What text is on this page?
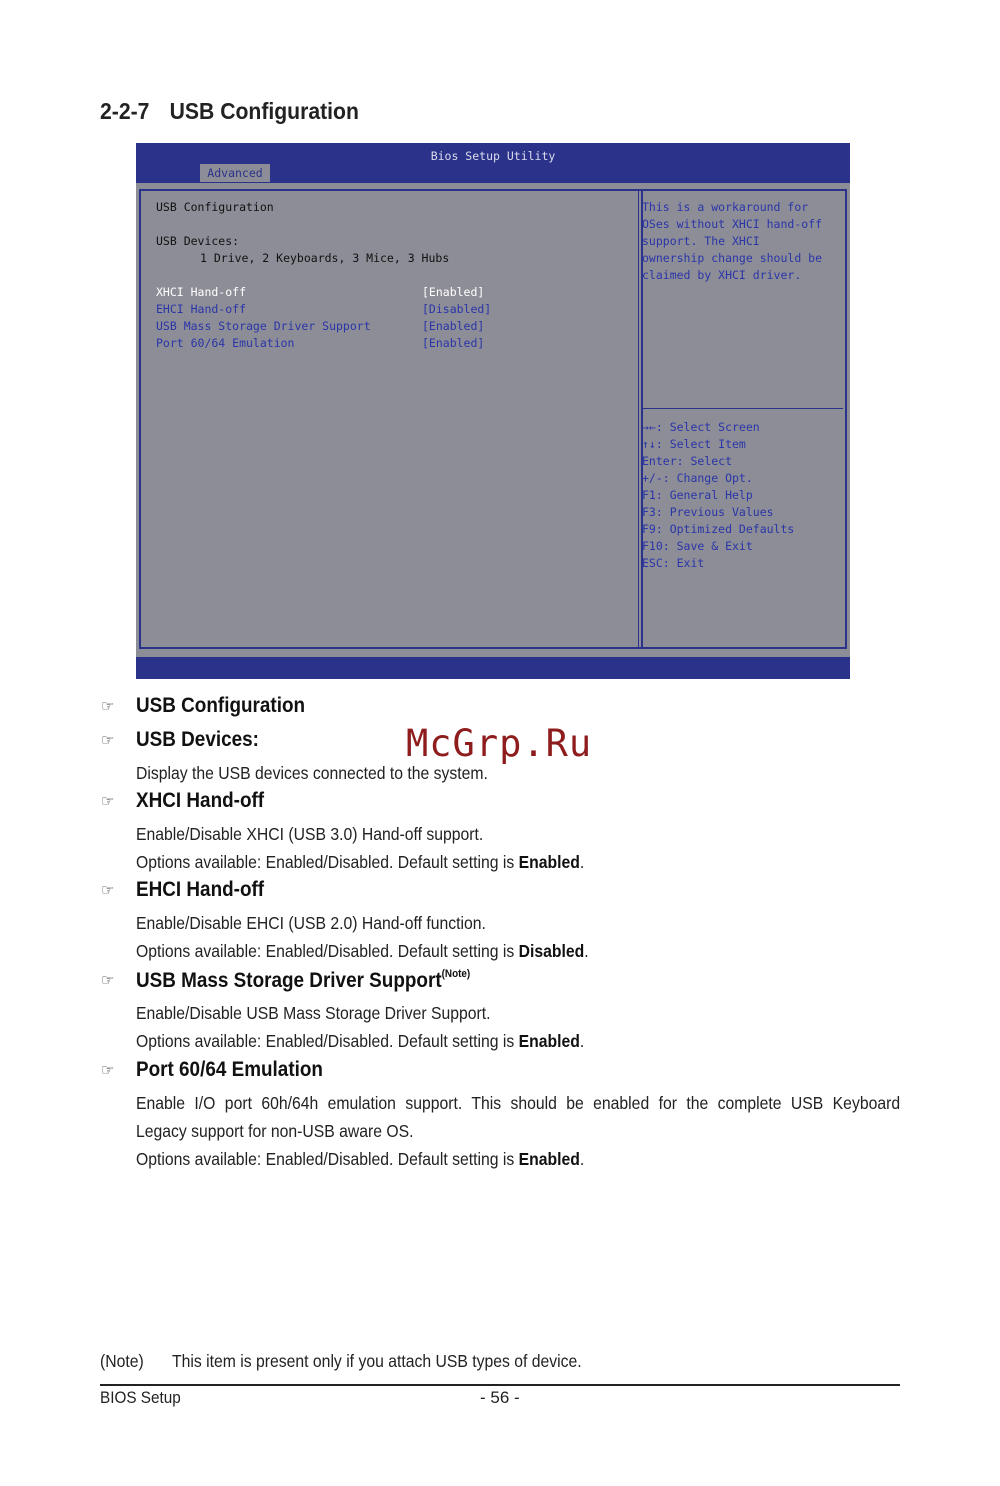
2-2-7 USB Configuration
Bios Setup Utility
Advanced
USB Configuration
USB Devices:
1 Drive, 2 Keyboards, 3 Mice, 3 Hubs
XHCI Hand-off	[Enabled]
EHCI Hand-off	[Disabled]
USB Mass Storage Driver Support	[Enabled]
Port 60/64 Emulation	[Enabled]
This is a workaround for
OSes without XHCI hand-off
support. The XHCI
ownership change should be
claimed by XHCI driver.
→←: Select Screen
↑↓: Select Item
Enter: Select
+/-: Change Opt.
F1: General Help
F3: Previous Values
F9: Optimized Defaults
F10: Save & Exit
ESC: Exit
☞ USB Configuration
☞ USB Devices:
Display the USB devices connected to the system.
McGrp.Ru
☞ XHCI Hand-off
Enable/Disable XHCI (USB 3.0) Hand-off support.
Options available: Enabled/Disabled. Default setting is Enabled.
☞ EHCI Hand-off
Enable/Disable EHCI (USB 2.0) Hand-off function.
Options available: Enabled/Disabled. Default setting is Disabled.
☞ USB Mass Storage Driver Support$^{(Note)}$
Enable/Disable USB Mass Storage Driver Support.
Options available: Enabled/Disabled. Default setting is Enabled.
☞ Port 60/64 Emulation
Enable I/O port 60h/64h emulation support. This should be enabled for the complete USB Keyboard
Legacy support for non-USB aware OS.
Options available: Enabled/Disabled. Default setting is Enabled.
(Note) This item is present only if you attach USB types of device.
BIOS Setup	- 56 -
